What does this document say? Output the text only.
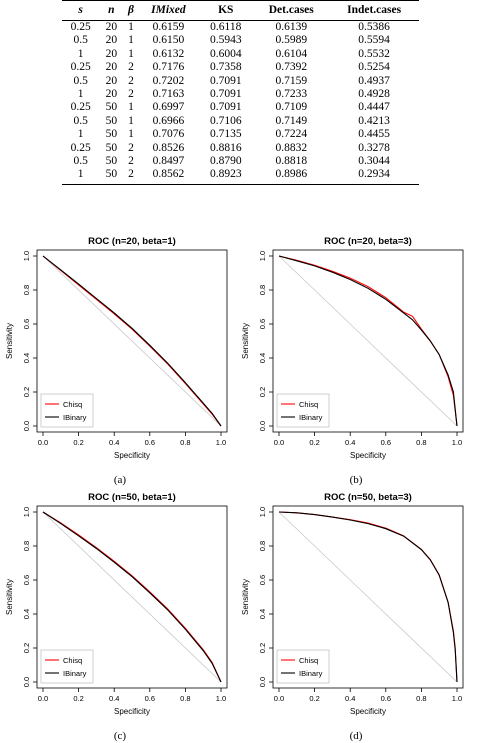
s	n	β	IMixed	KS	Det.cases	Indet.cases
0.25	20	1	0.6159	0.6118	0.6139	0.5386
0.5	20	1	0.6150	0.5943	0.5989	0.5594
1	20	1	0.6132	0.6004	0.6104	0.5532
0.25	20	2	0.7176	0.7358	0.7392	0.5254
0.5	20	2	0.7202	0.7091	0.7159	0.4937
1	20	2	0.7163	0.7091	0.7233	0.4928
0.25	50	1	0.6997	0.7091	0.7109	0.4447
0.5	50	1	0.6966	0.7106	0.7149	0.4213
1	50	1	0.7076	0.7135	0.7224	0.4455
0.25	50	2	0.8526	0.8816	0.8832	0.3278
0.5	50	2	0.8497	0.8790	0.8818	0.3044
1	50	2	0.8562	0.8923	0.8986	0.2934
ROC (n=20, beta=1)
0.0	0.2	0.4	0.6	0.8	1.0
0.0
0.2
0.4
0.6
0.8
1.0
Specificity
Sensitivity
Chisq
IBinary
ROC (n=20, beta=3)
0.0	0.2	0.4	0.6	0.8	1.0
0.0
0.2
0.4
0.6
0.8
1.0
Specificity
Sensitivity
Chisq
IBinary
(a)	(b)
ROC (n=50, beta=1)
0.0	0.2	0.4	0.6	0.8	1.0
0.0
0.2
0.4
0.6
0.8
1.0
Specificity
Sensitivity
Chisq
IBinary
ROC (n=50, beta=3)
0.0	0.2	0.4	0.6	0.8	1.0
0.0
0.2
0.4
0.6
0.8
1.0
Specificity
Sensitivity
Chisq
IBinary
(c)	(d)
